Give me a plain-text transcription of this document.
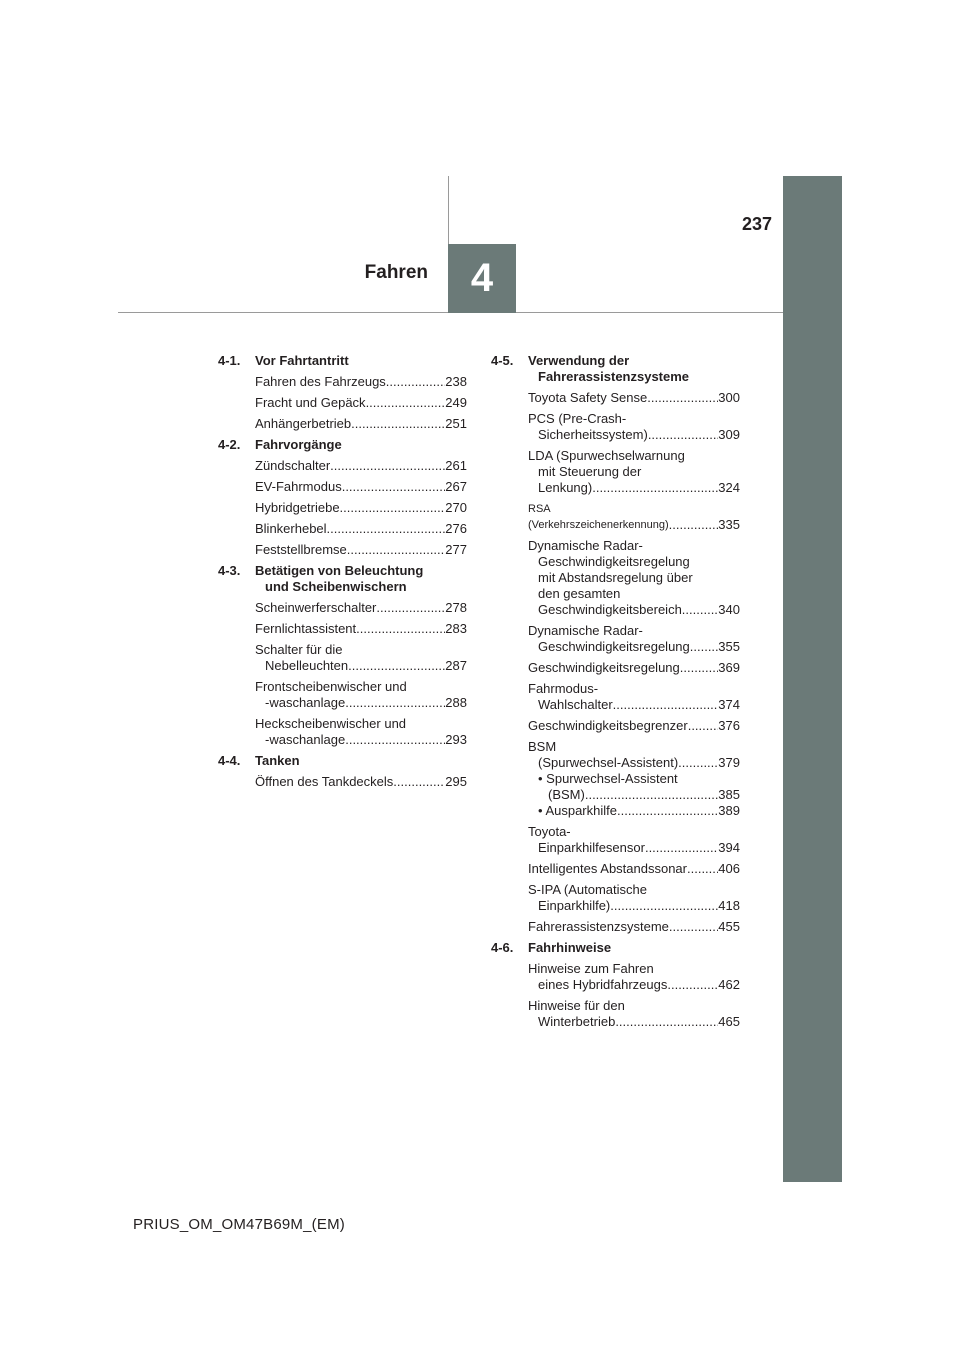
4
Fahren
237
4-1.	Vor Fahrtantritt
Fahren des Fahrzeugs .....	238
Fracht und Gepäck .....	249
Anhängerbetrieb .....	251
4-2.	Fahrvorgänge
Zündschalter .....	261
EV-Fahrmodus .....	267
Hybridgetriebe .....	270
Blinkerhebel .....	276
Feststellbremse .....	277
4-3.	Betätigen von Beleuchtung
und Scheibenwischern
Scheinwerferschalter .....	278
Fernlichtassistent .....	283
Schalter für die
Nebelleuchten .....	287
Frontscheibenwischer und
-waschanlage .....	288
Heckscheibenwischer und
-waschanlage .....	293
4-4.	Tanken
Öffnen des Tankdeckels .....	295
4-5.	Verwendung der
Fahrerassistenzsysteme
Toyota Safety Sense .....	300
PCS (Pre-Crash-
Sicherheitssystem) .....	309
LDA (Spurwechselwarnung
mit Steuerung der
Lenkung) .....	324
RSA
(Verkehrszeichenerkennung) .....	335
Dynamische Radar-
Geschwindigkeitsregelung
mit Abstandsregelung über
den gesamten
Geschwindigkeitsbereich .....	340
Dynamische Radar-
Geschwindigkeitsregelung ..... 355
Geschwindigkeitsregelung .....	369
Fahrmodus-
Wahlschalter .....	374
Geschwindigkeitsbegrenzer ..... 376
BSM
(Spurwechsel-Assistent) .....	379
• Spurwechsel-Assistent
(BSM) .....	385
• Ausparkhilfe .....	389
Toyota-
Einparkhilfesensor .....	394
Intelligentes Abstandssonar ..... 406
S-IPA (Automatische
Einparkhilfe) .....	418
Fahrerassistenzsysteme .....	455
4-6.	Fahrhinweise
Hinweise zum Fahren
eines Hybridfahrzeugs .....	462
Hinweise für den
Winterbetrieb .....	465
PRIUS_OM_OM47B69M_(EM)
